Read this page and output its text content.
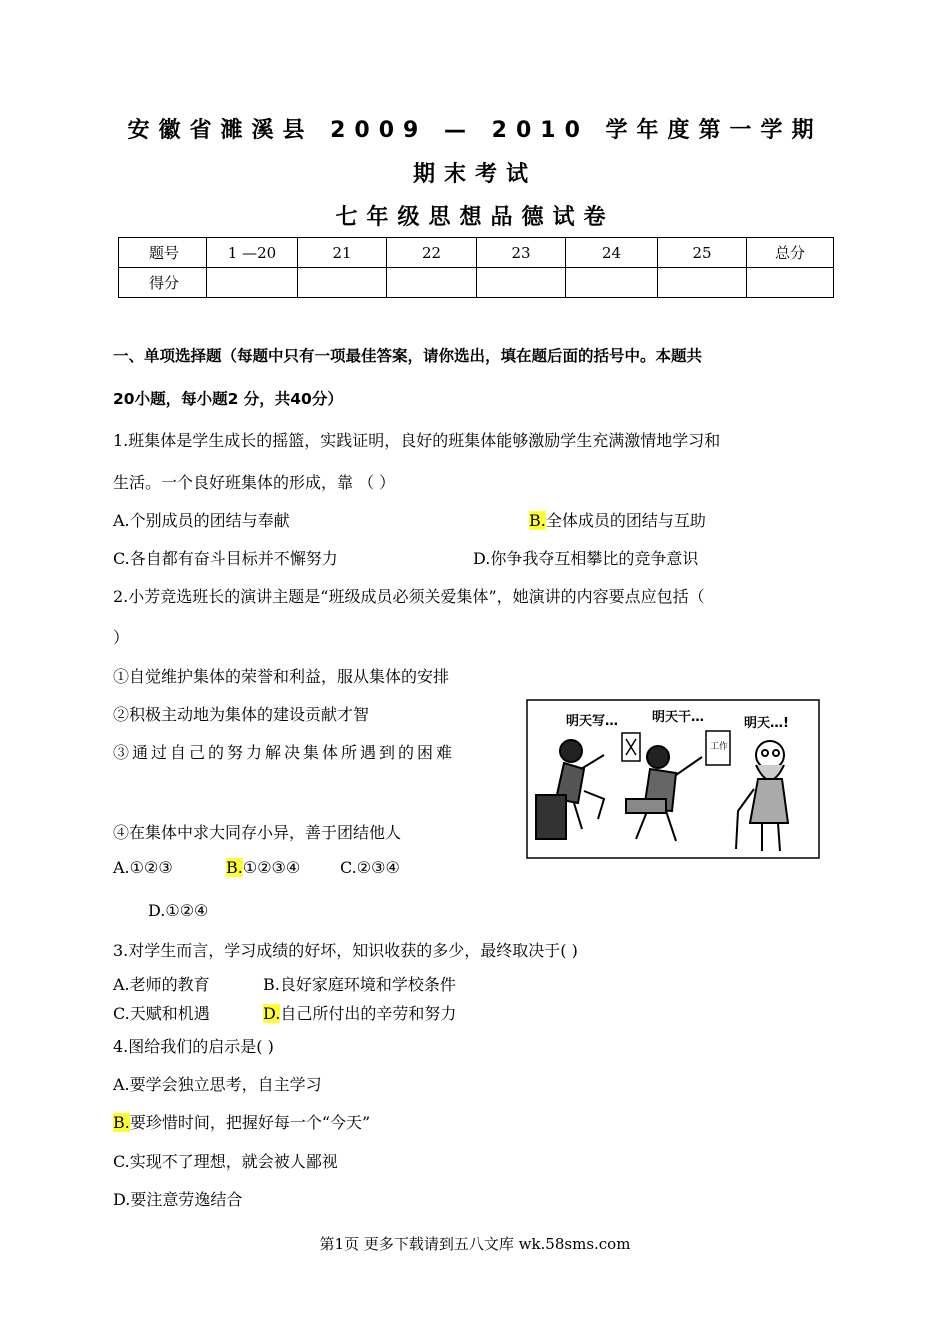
安徽省濉溪县 2009 — 2010 学年度第一学期
期末考试
七年级思想品德试卷
题号	1 —20	21	22	23	24	25	总分
得分							
一、单项选择题（每题中只有一项最佳答案，请你选出，填在题后面的括号中。本题共
20小题，每小题2 分，共40分）
1.班集体是学生成长的摇篮，实践证明，良好的班集体能够激励学生充满激情地学习和
生活。一个良好班集体的形成，靠 （ ）
A.个别成员的团结与奉献	B.全体成员的团结与互助
C.各自都有奋斗目标并不懈努力	D.你争我夺互相攀比的竞争意识
2.小芳竞选班长的演讲主题是“班级成员必须关爱集体”，她演讲的内容要点应包括（
）
①自觉维护集体的荣誉和利益，服从集体的安排
②积极主动地为集体的建设贡献才智
③通过自己的努力解决集体所遇到的困难
④在集体中求大同存小异，善于团结他人
A.①②③	B.①②③④ C.②③④
D.①②④
明天写…	明天干…	明天…!
工作
3.对学生而言，学习成绩的好坏，知识收获的多少，最终取决于( )
A.老师的教育	B.良好家庭环境和学校条件
C.天赋和机遇	D.自己所付出的辛劳和努力
4.图给我们的启示是( )
A.要学会独立思考，自主学习
B.要珍惜时间，把握好每一个“今天”
C.实现不了理想，就会被人鄙视
D.要注意劳逸结合
第1页 更多下载请到五八文库 wk.58sms.com
